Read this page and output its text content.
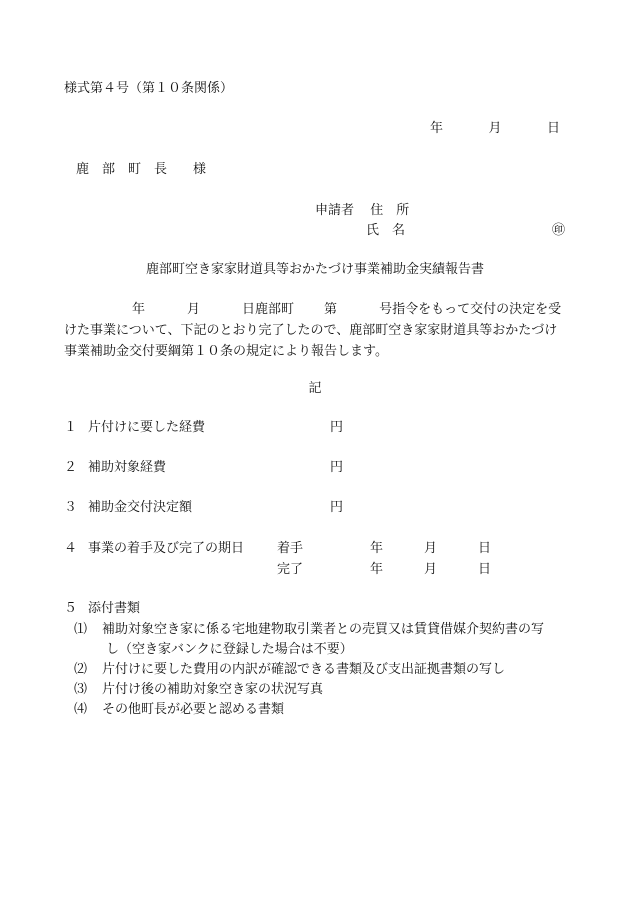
様式第４号（第１０条関係）
年	月	日
鹿　部　町　長　　様
申請者 住　所
氏　名	㊞
鹿部町空き家家財道具等おかたづけ事業補助金実績報告書
年	月	日鹿部町 第	号指令をもって交付の決定を受
けた事業について、下記のとおり完了したので、鹿部町空き家家財道具等おかたづけ
事業補助金交付要綱第１０条の規定により報告します。
記
１ 片付けに要した経費	円
２ 補助対象経費	円
３ 補助金交付決定額	円
４ 事業の着手及び完了の期日	着手	年	月	日
完了	年	月	日
５ 添付書類
⑴ 補助対象空き家に係る宅地建物取引業者との売買又は賃貸借媒介契約書の写
し（空き家バンクに登録した場合は不要）
⑵ 片付けに要した費用の内訳が確認できる書類及び支出証拠書類の写し
⑶ 片付け後の補助対象空き家の状況写真
⑷ その他町長が必要と認める書類
